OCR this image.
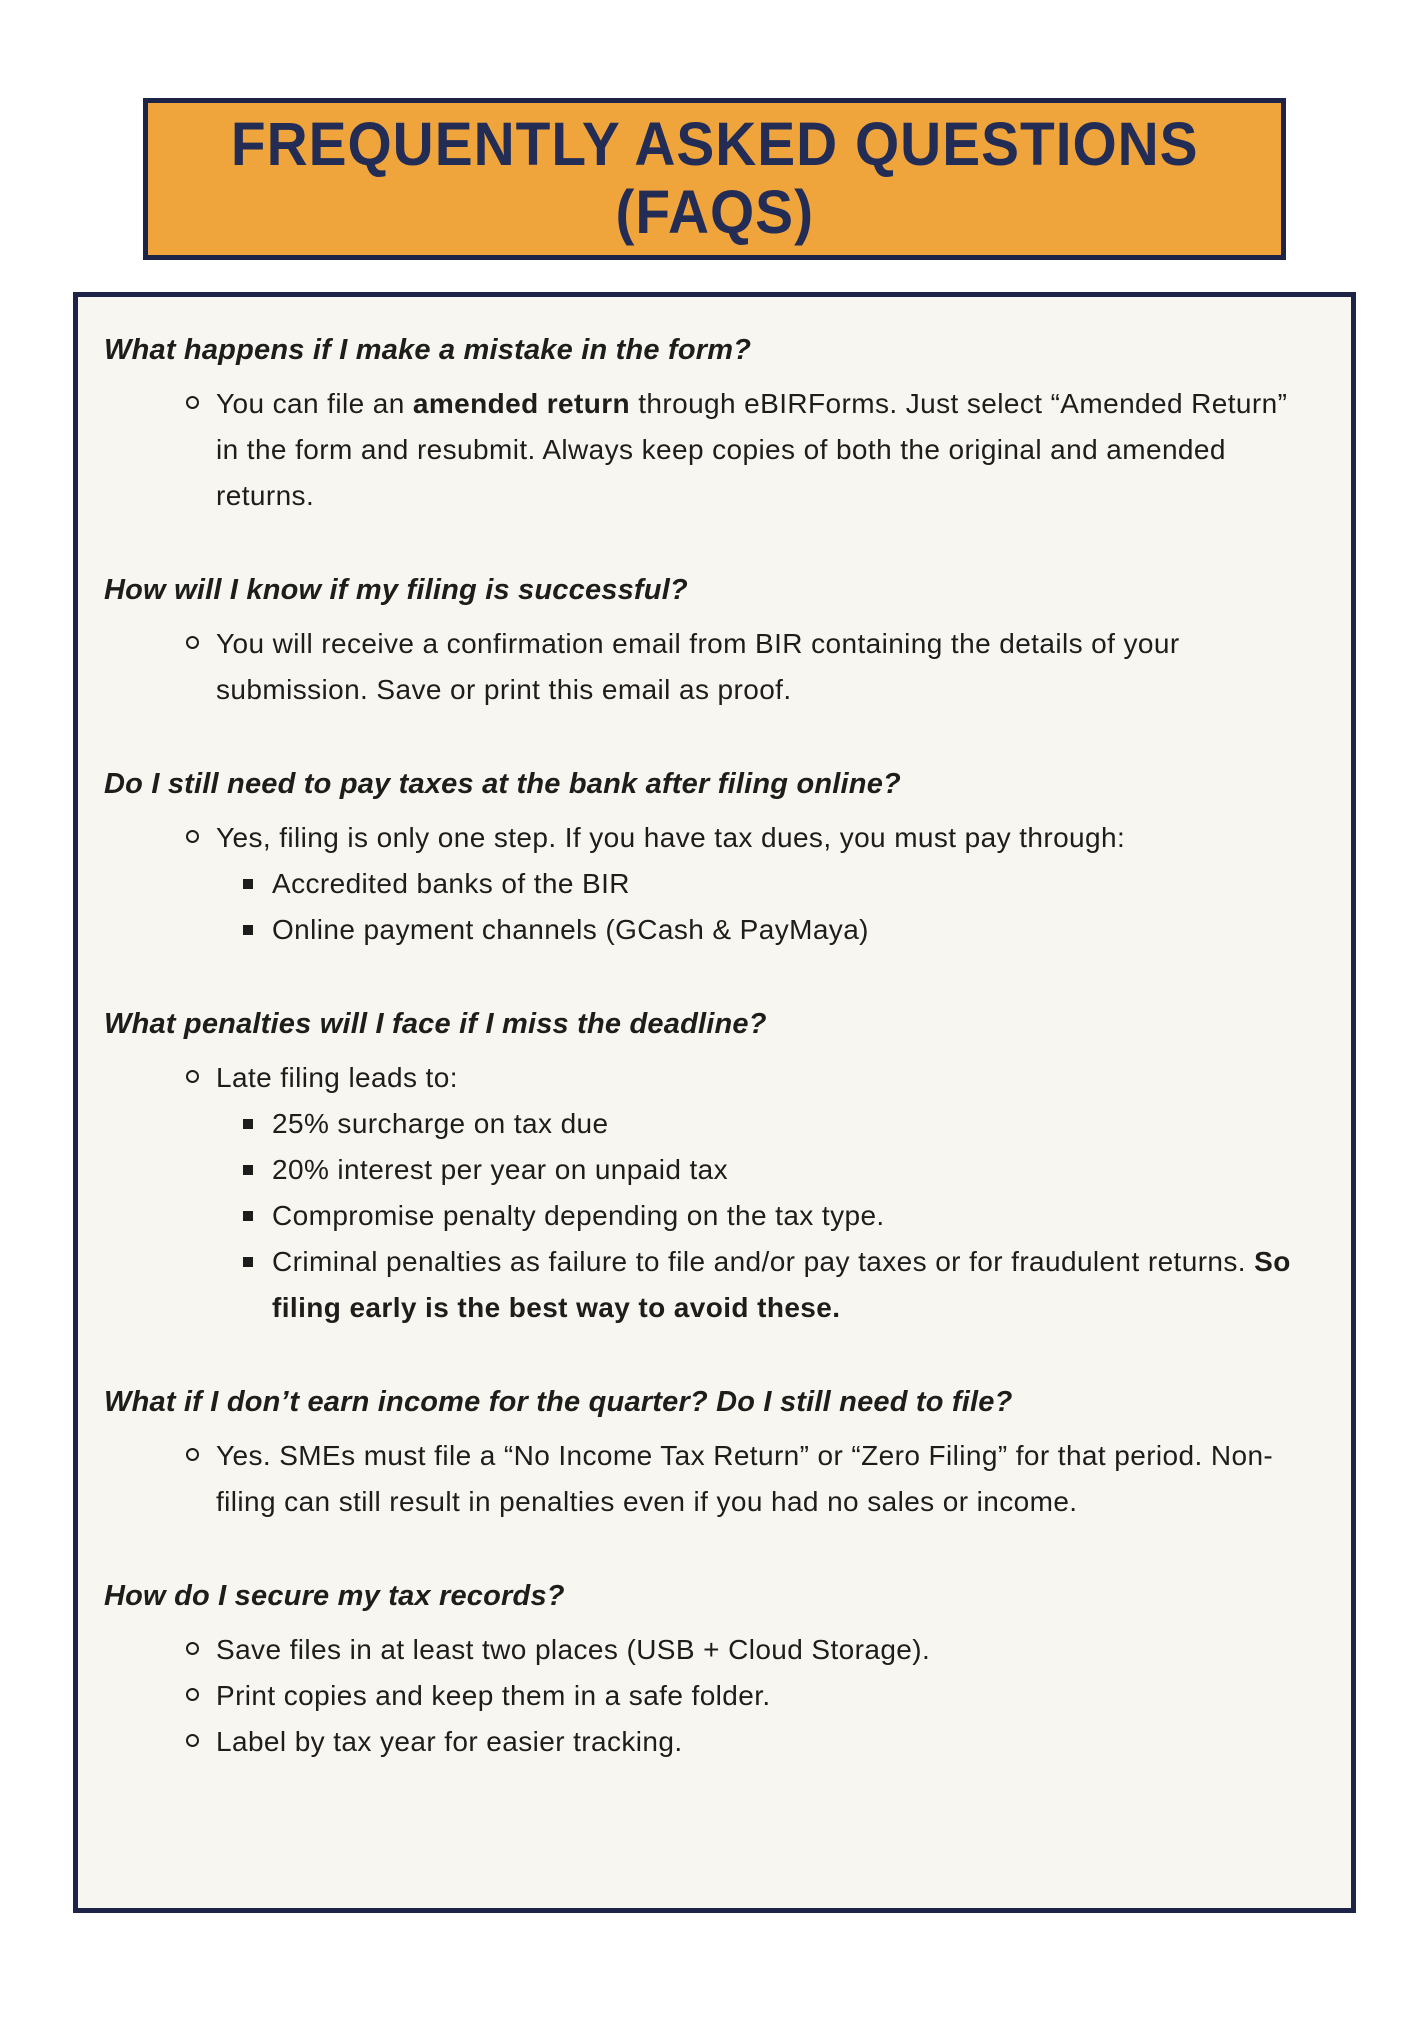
FREQUENTLY ASKED QUESTIONS
(FAQS)
What happens if I make a mistake in the form?
You can file an amended return through eBIRForms. Just select “Amended Return” in the form and resubmit. Always keep copies of both the original and amended returns.
How will I know if my filing is successful?
You will receive a confirmation email from BIR containing the details of your submission. Save or print this email as proof.
Do I still need to pay taxes at the bank after filing online?
Yes, filing is only one step. If you have tax dues, you must pay through:
Accredited banks of the BIR
Online payment channels (GCash & PayMaya)
What penalties will I face if I miss the deadline?
Late filing leads to:
25% surcharge on tax due
20% interest per year on unpaid tax
Compromise penalty depending on the tax type.
Criminal penalties as failure to file and/or pay taxes or for fraudulent returns. So filing early is the best way to avoid these.
What if I don’t earn income for the quarter? Do I still need to file?
Yes. SMEs must file a “No Income Tax Return” or “Zero Filing” for that period. Non-filing can still result in penalties even if you had no sales or income.
How do I secure my tax records?
Save files in at least two places (USB + Cloud Storage).
Print copies and keep them in a safe folder.
Label by tax year for easier tracking.
